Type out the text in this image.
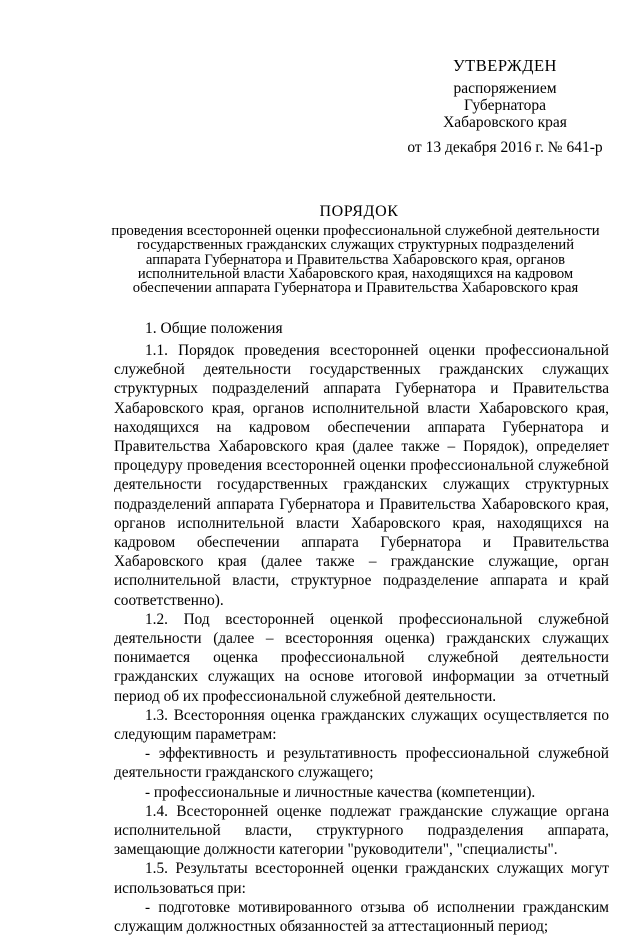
УТВЕРЖДЕН
распоряжением
Губернатора
Хабаровского края
от 13 декабря 2016 г. № 641-р
ПОРЯДОК
проведения всесторонней оценки профессиональной служебной деятельности
государственных гражданских служащих структурных подразделений
аппарата Губернатора и Правительства Хабаровского края, органов
исполнительной власти Хабаровского края, находящихся на кадровом
обеспечении аппарата Губернатора и Правительства Хабаровского края
1. Общие положения

1.1. Порядок проведения всесторонней оценки профессиональной служебной деятельности государственных гражданских служащих структурных подразделений аппарата Губернатора и Правительства Хабаровского края, органов исполнительной власти Хабаровского края, находящихся на кадровом обеспечении аппарата Губернатора и Правительства Хабаровского края (далее также – Порядок), определяет процедуру проведения всесторонней оценки профессиональной служебной деятельности государственных гражданских служащих структурных подразделений аппарата Губернатора и Правительства Хабаровского края, органов исполнительной власти Хабаровского края, находящихся на кадровом обеспечении аппарата Губернатора и Правительства Хабаровского края (далее также – гражданские служащие, орган исполнительной власти, структурное подразделение аппарата и край соответственно).

1.2. Под всесторонней оценкой профессиональной служебной деятельности (далее – всесторонняя оценка) гражданских служащих понимается оценка профессиональной служебной деятельности гражданских служащих на основе итоговой информации за отчетный период об их профессиональной служебной деятельности.

1.3. Всесторонняя оценка гражданских служащих осуществляется по следующим параметрам:

- эффективность и результативность профессиональной служебной деятельности гражданского служащего;

- профессиональные и личностные качества (компетенции).

1.4. Всесторонней оценке подлежат гражданские служащие органа исполнительной власти, структурного подразделения аппарата, замещающие должности категории "руководители", "специалисты".

1.5. Результаты всесторонней оценки гражданских служащих могут использоваться при:

- подготовке мотивированного отзыва об исполнении гражданским служащим должностных обязанностей за аттестационный период;
